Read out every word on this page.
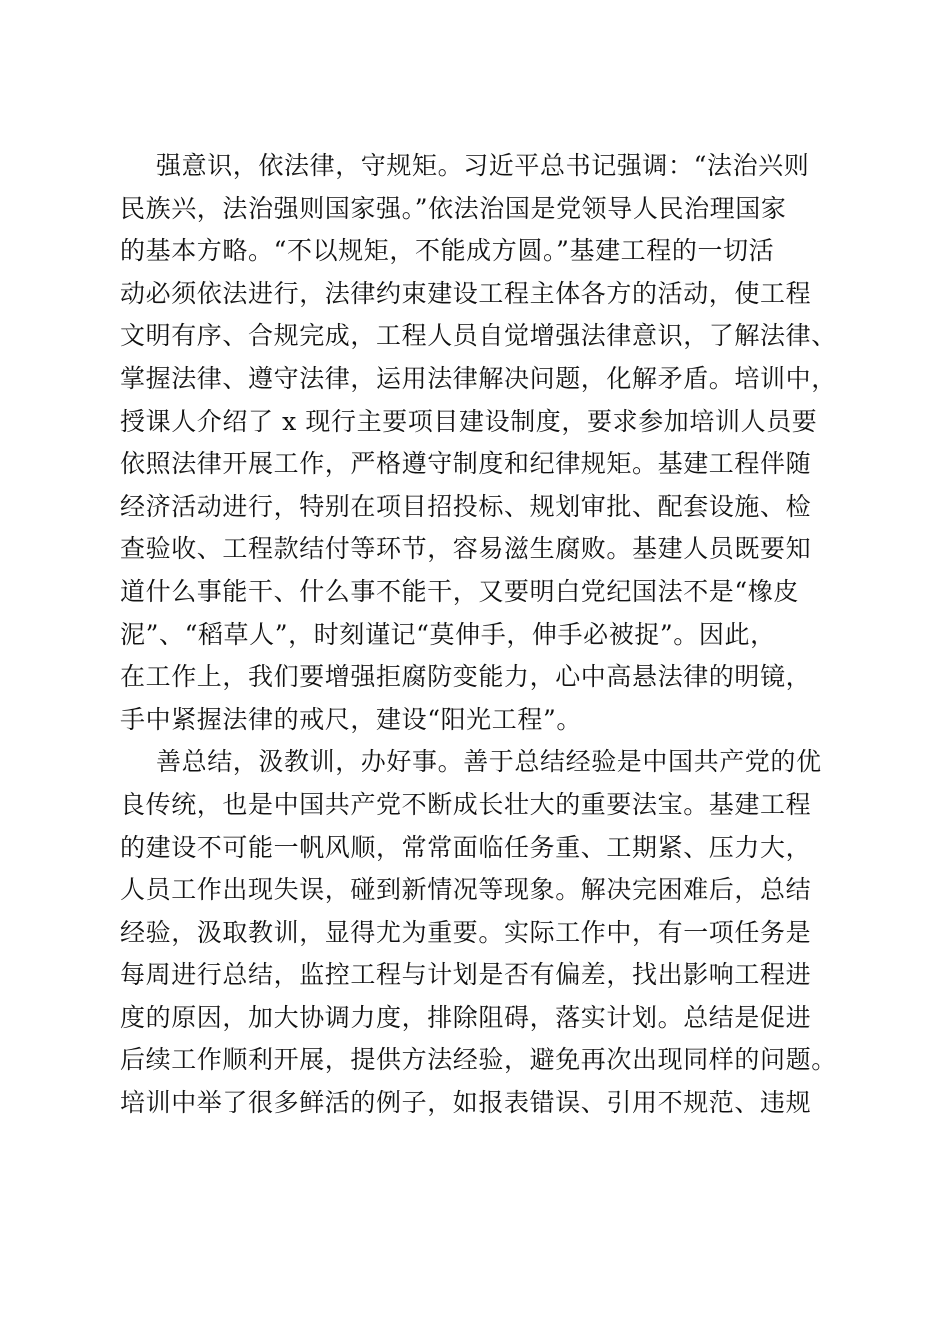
强意识，依法律，守规矩。习近平总书记强调：“法治兴则
民族兴，法治强则国家强。”依法治国是党领导人民治理国家
的基本方略。“不以规矩，不能成方圆。”基建工程的一切活
动必须依法进行，法律约束建设工程主体各方的活动，使工程
文明有序、合规完成，工程人员自觉增强法律意识，了解法律、
掌握法律、遵守法律，运用法律解决问题，化解矛盾。培训中，
授课人介绍了 x 现行主要项目建设制度，要求参加培训人员要
依照法律开展工作，严格遵守制度和纪律规矩。基建工程伴随
经济活动进行，特别在项目招投标、规划审批、配套设施、检
查验收、工程款结付等环节，容易滋生腐败。基建人员既要知
道什么事能干、什么事不能干，又要明白党纪国法不是“橡皮
泥”、“稻草人”，时刻谨记“莫伸手，伸手必被捉”。因此，
在工作上，我们要增强拒腐防变能力，心中高悬法律的明镜，
手中紧握法律的戒尺，建设“阳光工程”。
善总结，汲教训，办好事。善于总结经验是中国共产党的优
良传统，也是中国共产党不断成长壮大的重要法宝。基建工程
的建设不可能一帆风顺，常常面临任务重、工期紧、压力大，
人员工作出现失误，碰到新情况等现象。解决完困难后，总结
经验，汲取教训，显得尤为重要。实际工作中，有一项任务是
每周进行总结，监控工程与计划是否有偏差，找出影响工程进
度的原因，加大协调力度，排除阻碍，落实计划。总结是促进
后续工作顺利开展，提供方法经验，避免再次出现同样的问题。
培训中举了很多鲜活的例子，如报表错误、引用不规范、违规
